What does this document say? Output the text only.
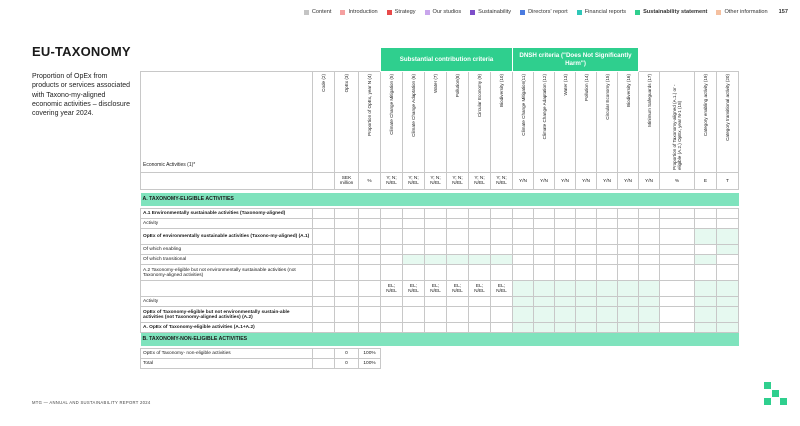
Content	Introduction	Strategy	Our studios	Sustainability	Directors' report	Financial reports	Sustainability statement	Other information 157
EU-TAXONOMY
Proportion of OpEx from products or services associated with Taxono-my-aligned economic activities – disclosure covering year 2024.
				Substantial contribution criteria						DNSH criteria ("Does Not Significantly Harm")									
Economic Activities (1)*	Code (2)	OpEx (3)	Proportion of OpEx, year N (4)	Climate Change Mitigation (5)	Climate Change Adaptation (6)	Water (7)	Pollution(8)	Circular Economy (9)	Biodiversity (10)	Climate Change Mitigation(11)	Climate Change Adaptation (12)	Water (13)	Pollution (14)	Circular Economy (15)	Biodiversity (16)	Minimum Safeguards (17)	Proportion of Taxonomy-aligned (A.1.) or -eligible (A.2.) OpEx, year N-1 (18)	Category enabling activity (19)	Category transitional activity (20)

		SEK million	%	Y; N; N/EL	Y; N; N/EL	Y; N; N/EL	Y; N; N/EL	Y; N; N/EL	Y; N; N/EL	Y/N	Y/N	Y/N	Y/N	Y/N	Y/N	Y/N	%	E	T

A. TAXONOMY-ELIGIBLE ACTIVITIES																			

A.1 Environmentally sustainable activities (Taxonomy-aligned)																			
Activity																			
OpEx of environmentally sustainable activities (Taxono-my-aligned) (A.1)																			
Of which enabling																			
Of which transitional																			
A.2 Taxonomy-eligible but not environmentally sustainable activities (not Taxonomy-aligned activities)																			
				EL; N/EL	EL; N/EL	EL; N/EL	EL; N/EL	EL; N/EL	EL; N/EL										
Activity																			
OpEx of Taxonomy-eligible but not environmentally sustain-able activities (not Taxonomy-aligned activities) (A.2)																			
A. OpEx of Taxonomy-eligible activities (A.1+A.2)																			
B. TAXONOMY-NON-ELIGIBLE ACTIVITIES																			

OpEx of Taxonomy- non-eligible activities		0	100%																
Total		0	100%																
MTG — ANNUAL AND SUSTAINABILITY REPORT 2024
